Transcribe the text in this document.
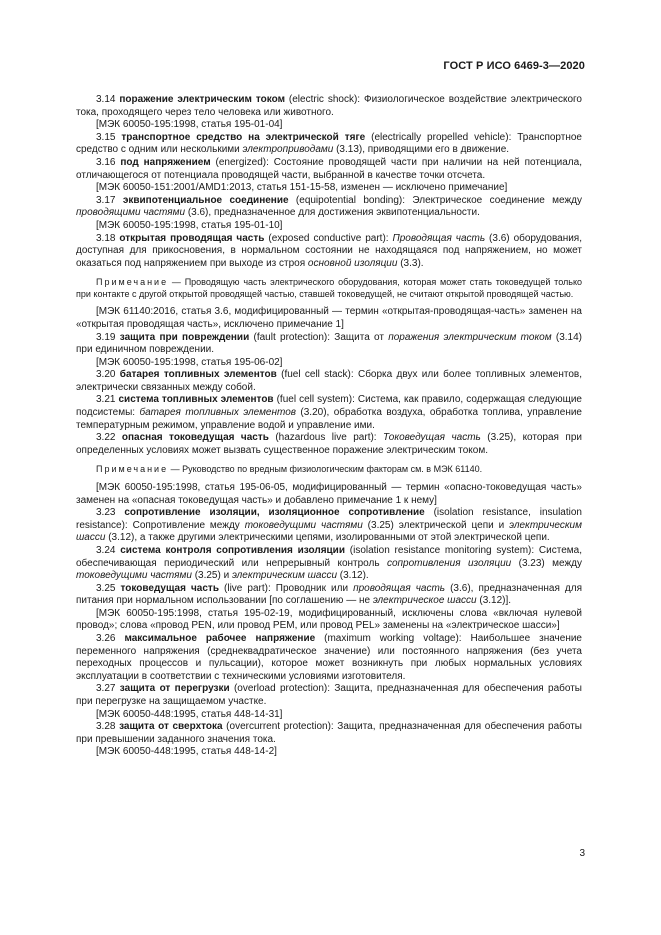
ГОСТ Р ИСО 6469-3—2020
3.14 поражение электрическим током (electric shock): Физиологическое воздействие электрического тока, проходящего через тело человека или животного.
[МЭК 60050-195:1998, статья 195-01-04]
3.15 транспортное средство на электрической тяге (electrically propelled vehicle): Транспортное средство с одним или несколькими электроприводами (3.13), приводящими его в движение.
3.16 под напряжением (energized): Состояние проводящей части при наличии на ней потенциала, отличающегося от потенциала проводящей части, выбранной в качестве точки отсчета.
[МЭК 60050-151:2001/AMD1:2013, статья 151-15-58, изменен — исключено примечание]
3.17 эквипотенциальное соединение (equipotential bonding): Электрическое соединение между проводящими частями (3.6), предназначенное для достижения эквипотенциальности.
[МЭК 60050-195:1998, статья 195-01-10]
3.18 открытая проводящая часть (exposed conductive part): Проводящая часть (3.6) оборудования, доступная для прикосновения, в нормальном состоянии не находящаяся под напряжением, но может оказаться под напряжением при выходе из строя основной изоляции (3.3).
Примечание — Проводящую часть электрического оборудования, которая может стать токоведущей только при контакте с другой открытой проводящей частью, ставшей токоведущей, не считают открытой проводящей частью.
[МЭК 61140:2016, статья 3.6, модифицированный — термин «открытая-проводящая-часть» заменен на «открытая проводящая часть», исключено примечание 1]
3.19 защита при повреждении (fault protection): Защита от поражения электрическим током (3.14) при единичном повреждении.
[МЭК 60050-195:1998, статья 195-06-02]
3.20 батарея топливных элементов (fuel cell stack): Сборка двух или более топливных элементов, электрически связанных между собой.
3.21 система топливных элементов (fuel cell system): Система, как правило, содержащая следующие подсистемы: батарея топливных элементов (3.20), обработка воздуха, обработка топлива, управление температурным режимом, управление водой и управление ими.
3.22 опасная токоведущая часть (hazardous live part): Токоведущая часть (3.25), которая при определенных условиях может вызвать существенное поражение электрическим током.
Примечание — Руководство по вредным физиологическим факторам см. в МЭК 61140.
[МЭК 60050-195:1998, статья 195-06-05, модифицированный — термин «опасно-токоведущая часть» заменен на «опасная токоведущая часть» и добавлено примечание 1 к нему]
3.23 сопротивление изоляции, изоляционное сопротивление (isolation resistance, insulation resistance): Сопротивление между токоведущими частями (3.25) электрической цепи и электрическим шасси (3.12), а также другими электрическими цепями, изолированными от этой электрической цепи.
3.24 система контроля сопротивления изоляции (isolation resistance monitoring system): Система, обеспечивающая периодический или непрерывный контроль сопротивления изоляции (3.23) между токоведущими частями (3.25) и электрическим шасси (3.12).
3.25 токоведущая часть (live part): Проводник или проводящая часть (3.6), предназначенная для питания при нормальном использовании [по соглашению — не электрическое шасси (3.12)].
[МЭК 60050-195:1998, статья 195-02-19, модифицированный, исключены слова «включая нулевой провод»; слова «провод PEN, или провод PEM, или провод PEL» заменены на «электрическое шасси»]
3.26 максимальное рабочее напряжение (maximum working voltage): Наибольшее значение переменного напряжения (среднеквадратическое значение) или постоянного напряжения (без учета переходных процессов и пульсации), которое может возникнуть при любых нормальных условиях эксплуатации в соответствии с техническими условиями изготовителя.
3.27 защита от перегрузки (overload protection): Защита, предназначенная для обеспечения работы при перегрузке на защищаемом участке.
[МЭК 60050-448:1995, статья 448-14-31]
3.28 защита от сверхтока (overcurrent protection): Защита, предназначенная для обеспечения работы при превышении заданного значения тока.
[МЭК 60050-448:1995, статья 448-14-2]
3
